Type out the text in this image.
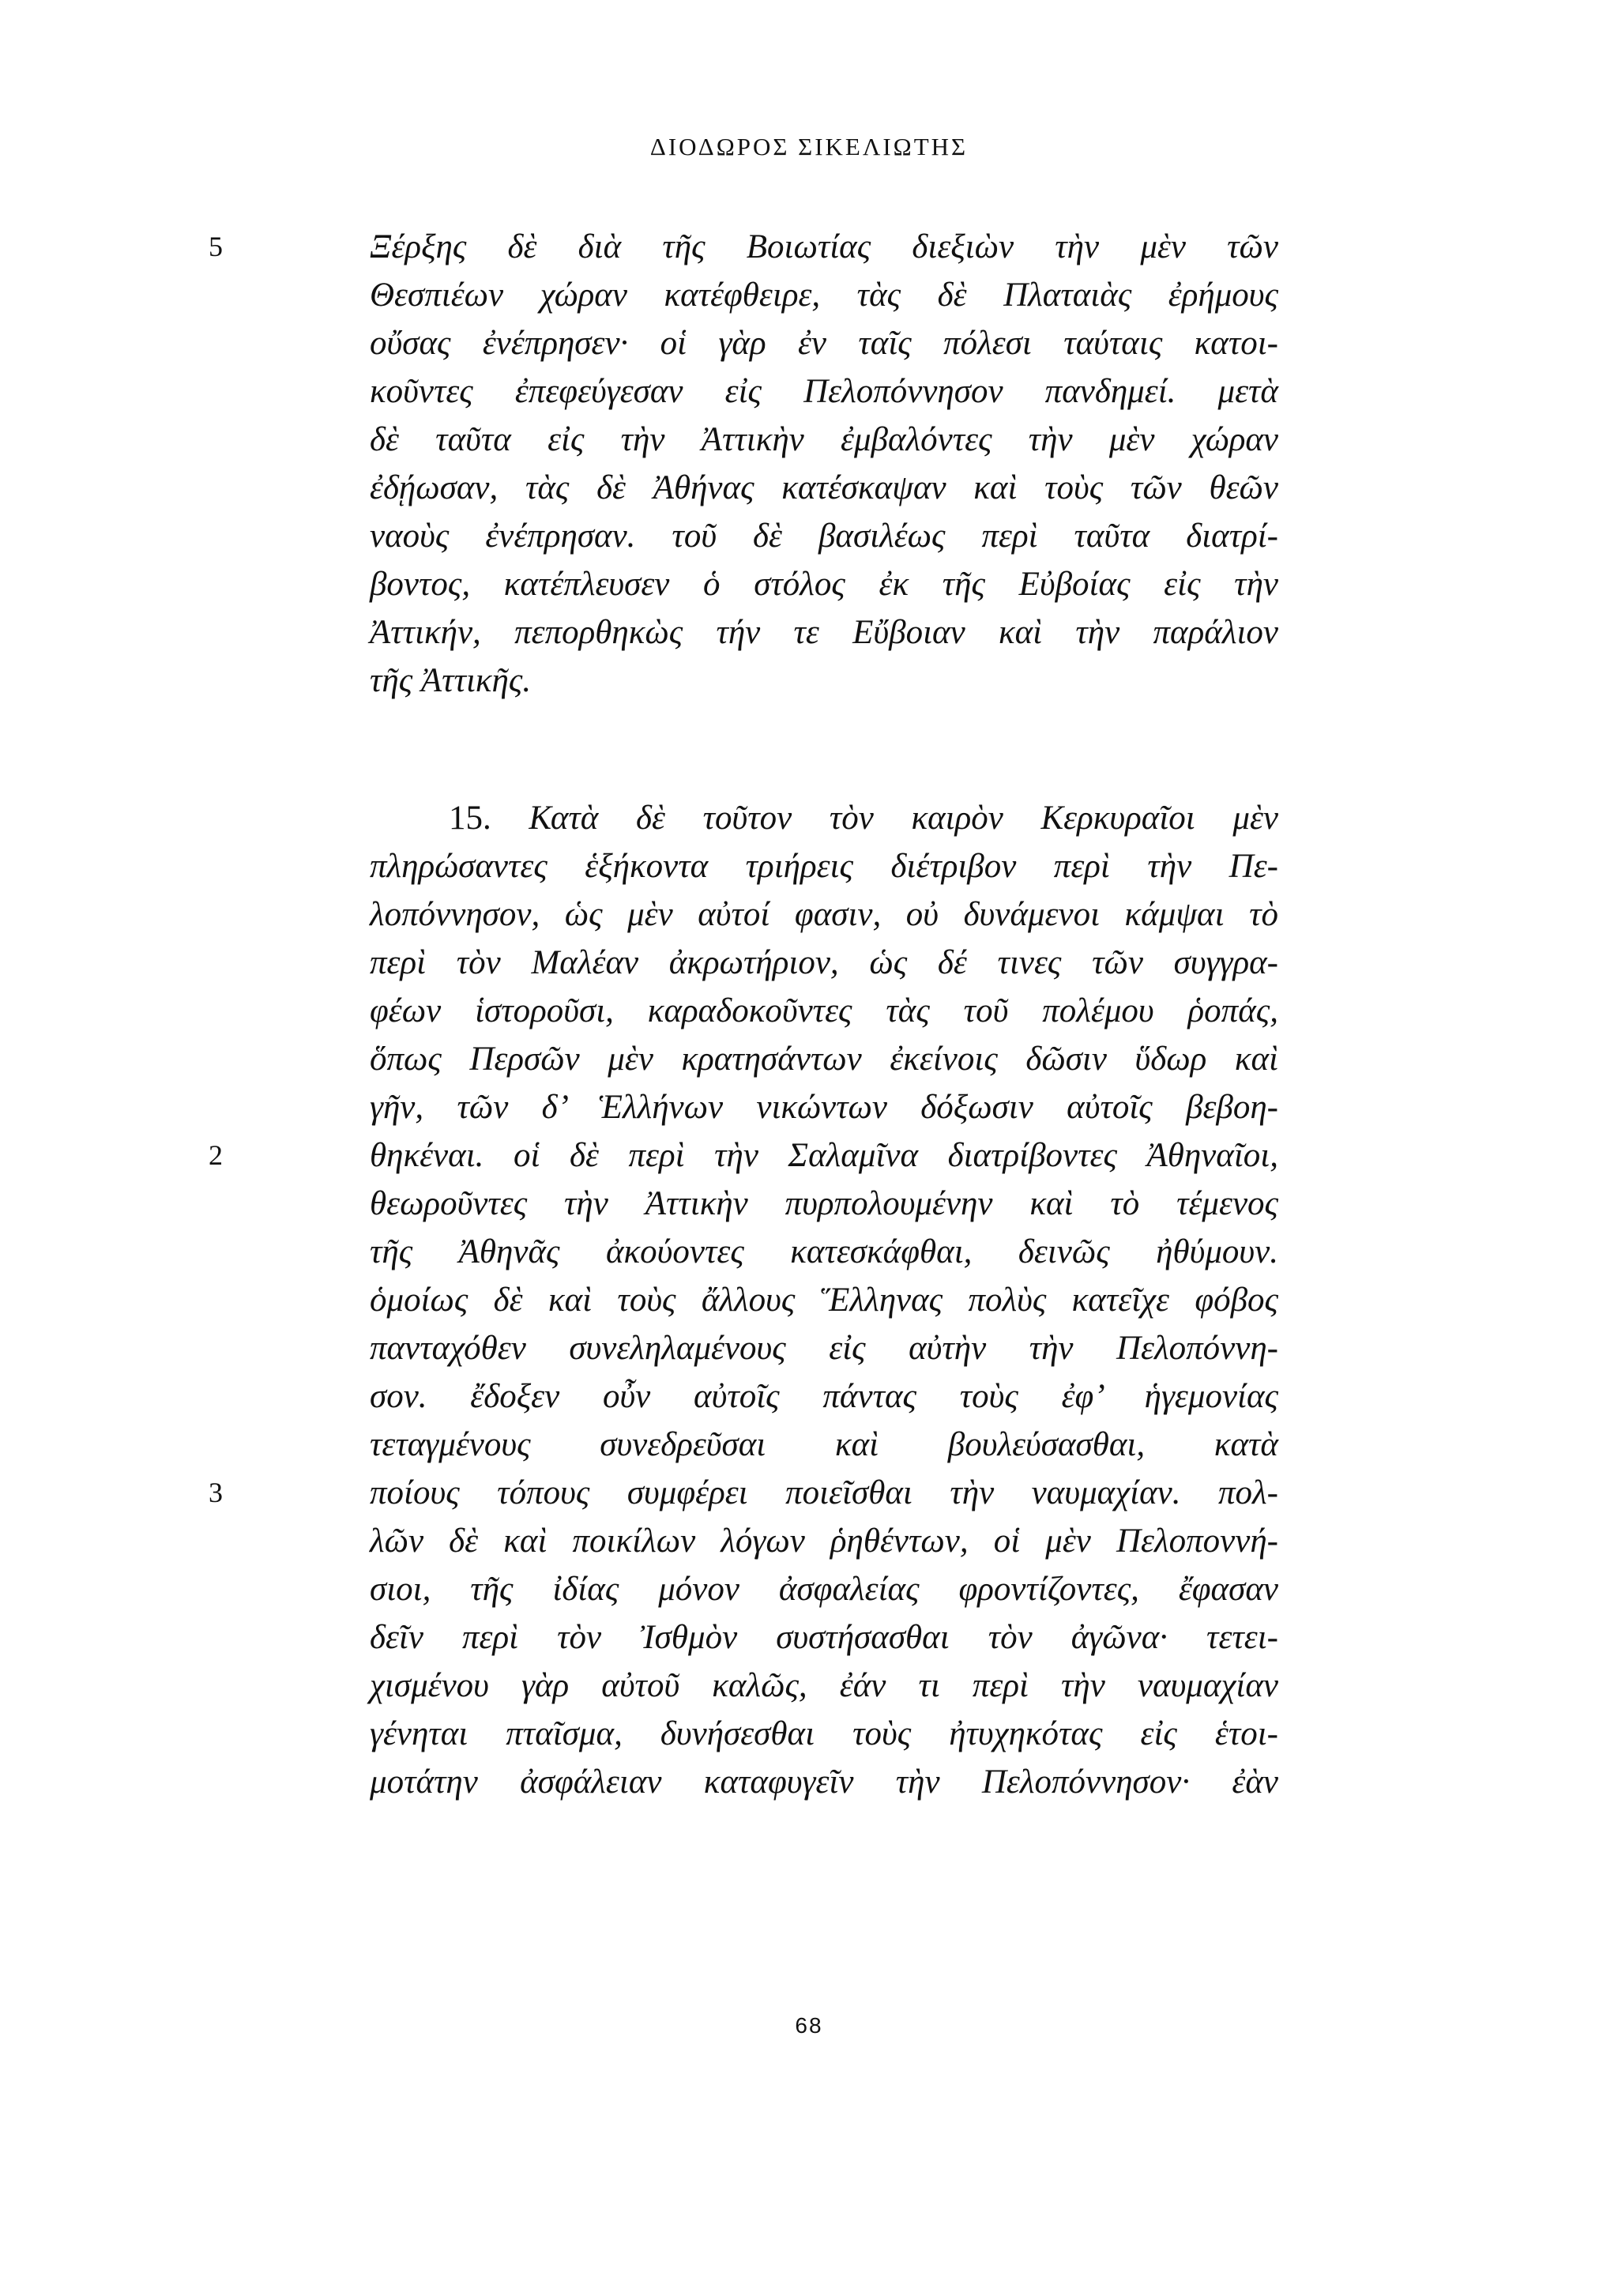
ΔΙΟΔΩΡΟΣ ΣΙΚΕΛΙΩΤΗΣ
5	Ξέρξης δὲ διὰ τῆς Βοιωτίας διεξιὼν τὴν μὲν τῶν
Θεσπιέων χώραν κατέφθειρε, τὰς δὲ Πλαταιὰς ἐρήμους
οὔσας ἐνέπρησεν· οἱ γὰρ ἐν ταῖς πόλεσι ταύταις κατοι-
κοῦντες ἐπεφεύγεσαν εἰς Πελοπόννησον πανδημεί. μετὰ
δὲ ταῦτα εἰς τὴν Ἀττικὴν ἐμβαλόντες τὴν μὲν χώραν
ἐδῄωσαν, τὰς δὲ Ἀθήνας κατέσκαψαν καὶ τοὺς τῶν θεῶν
ναοὺς ἐνέπρησαν. τοῦ δὲ βασιλέως περὶ ταῦτα διατρί-
βοντος, κατέπλευσεν ὁ στόλος ἐκ τῆς Εὐβοίας εἰς τὴν
Ἀττικήν, πεπορθηκὼς τήν τε Εὔβοιαν καὶ τὴν παράλιον
τῆς Ἀττικῆς.
15. Κατὰ δὲ τοῦτον τὸν καιρὸν Κερκυραῖοι μὲν
πληρώσαντες ἑξήκοντα τριήρεις διέτριβον περὶ τὴν Πε-
λοπόννησον, ὡς μὲν αὐτοί φασιν, οὐ δυνάμενοι κάμψαι τὸ
περὶ τὸν Μαλέαν ἀκρωτήριον, ὡς δέ τινες τῶν συγγρα-
φέων ἱστοροῦσι, καραδοκοῦντες τὰς τοῦ πολέμου ῥοπάς,
ὅπως Περσῶν μὲν κρατησάντων ἐκείνοις δῶσιν ὕδωρ καὶ
γῆν, τῶν δ’ Ἑλλήνων νικώντων δόξωσιν αὐτοῖς βεβοη-
2	θηκέναι. οἱ δὲ περὶ τὴν Σαλαμῖνα διατρίβοντες Ἀθηναῖοι,
θεωροῦντες τὴν Ἀττικὴν πυρπολουμένην καὶ τὸ τέμενος
τῆς Ἀθηνᾶς ἀκούοντες κατεσκάφθαι, δεινῶς ἠθύμουν.
ὁμοίως δὲ καὶ τοὺς ἄλλους Ἕλληνας πολὺς κατεῖχε φόβος
πανταχόθεν συνεληλαμένους εἰς αὐτὴν τὴν Πελοπόννη-
σον. ἔδοξεν οὖν αὐτοῖς πάντας τοὺς ἐφ’ ἡγεμονίας
τεταγμένους συνεδρεῦσαι καὶ βουλεύσασθαι, κατὰ
3	ποίους τόπους συμφέρει ποιεῖσθαι τὴν ναυμαχίαν. πολ-
λῶν δὲ καὶ ποικίλων λόγων ῥηθέντων, οἱ μὲν Πελοποννή-
σιοι, τῆς ἰδίας μόνον ἀσφαλείας φροντίζοντες, ἔφασαν
δεῖν περὶ τὸν Ἰσθμὸν συστήσασθαι τὸν ἀγῶνα· τετει-
χισμένου γὰρ αὐτοῦ καλῶς, ἐάν τι περὶ τὴν ναυμαχίαν
γένηται πταῖσμα, δυνήσεσθαι τοὺς ἠτυχηκότας εἰς ἑτοι-
μοτάτην ἀσφάλειαν καταφυγεῖν τὴν Πελοπόννησον· ἐὰν
68
